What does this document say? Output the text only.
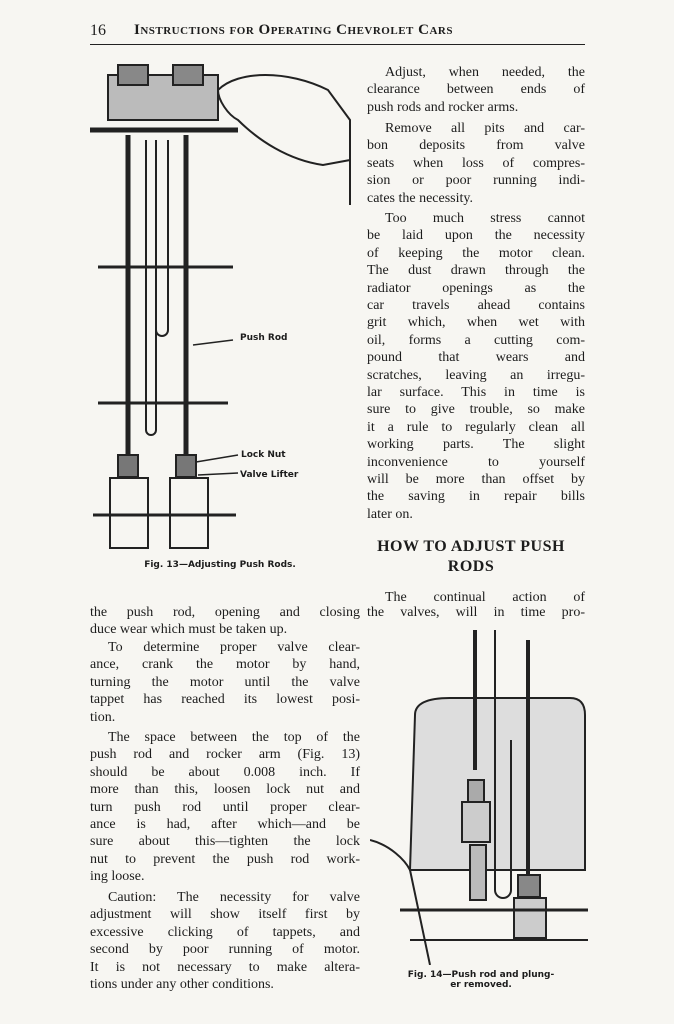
16 Instructions for Operating Chevrolet Cars
Adjust, when needed, the
clearance between ends of
push rods and rocker arms.
Remove all pits and car-
bon deposits from valve
seats when loss of compres-
sion or poor running indi-
cates the necessity.
Too much stress cannot
be laid upon the necessity
of keeping the motor clean.
The dust drawn through the
radiator openings as the
car travels ahead contains
grit which, when wet with
oil, forms a cutting com-
pound that wears and
scratches, leaving an irregu-
lar surface. This in time is
sure to give trouble, so make
it a rule to regularly clean all
working parts. The slight
inconvenience to yourself
will be more than offset by
the saving in repair bills
later on.
HOW TO ADJUST PUSH
RODS
The continual action of
the valves, will in time pro-
the push rod, opening and closing
duce wear which must be taken up.
To determine proper valve clear-
ance, crank the motor by hand,
turning the motor until the valve
tappet has reached its lowest posi-
tion.
The space between the top of the
push rod and rocker arm (Fig. 13)
should be about 0.008 inch. If
more than this, loosen lock nut and
turn push rod until proper clear-
ance is had, after which—and be
sure about this—tighten the lock
nut to prevent the push rod work-
ing loose.
Caution: The necessity for valve
adjustment will show itself first by
excessive clicking of tappets, and
second by poor running of motor.
It is not necessary to make altera-
tions under any other conditions.
Push Rod
Lock Nut
Valve Lifter
Fig. 13—Adjusting Push Rods.
Fig. 14—Push rod and plung-
er removed.
